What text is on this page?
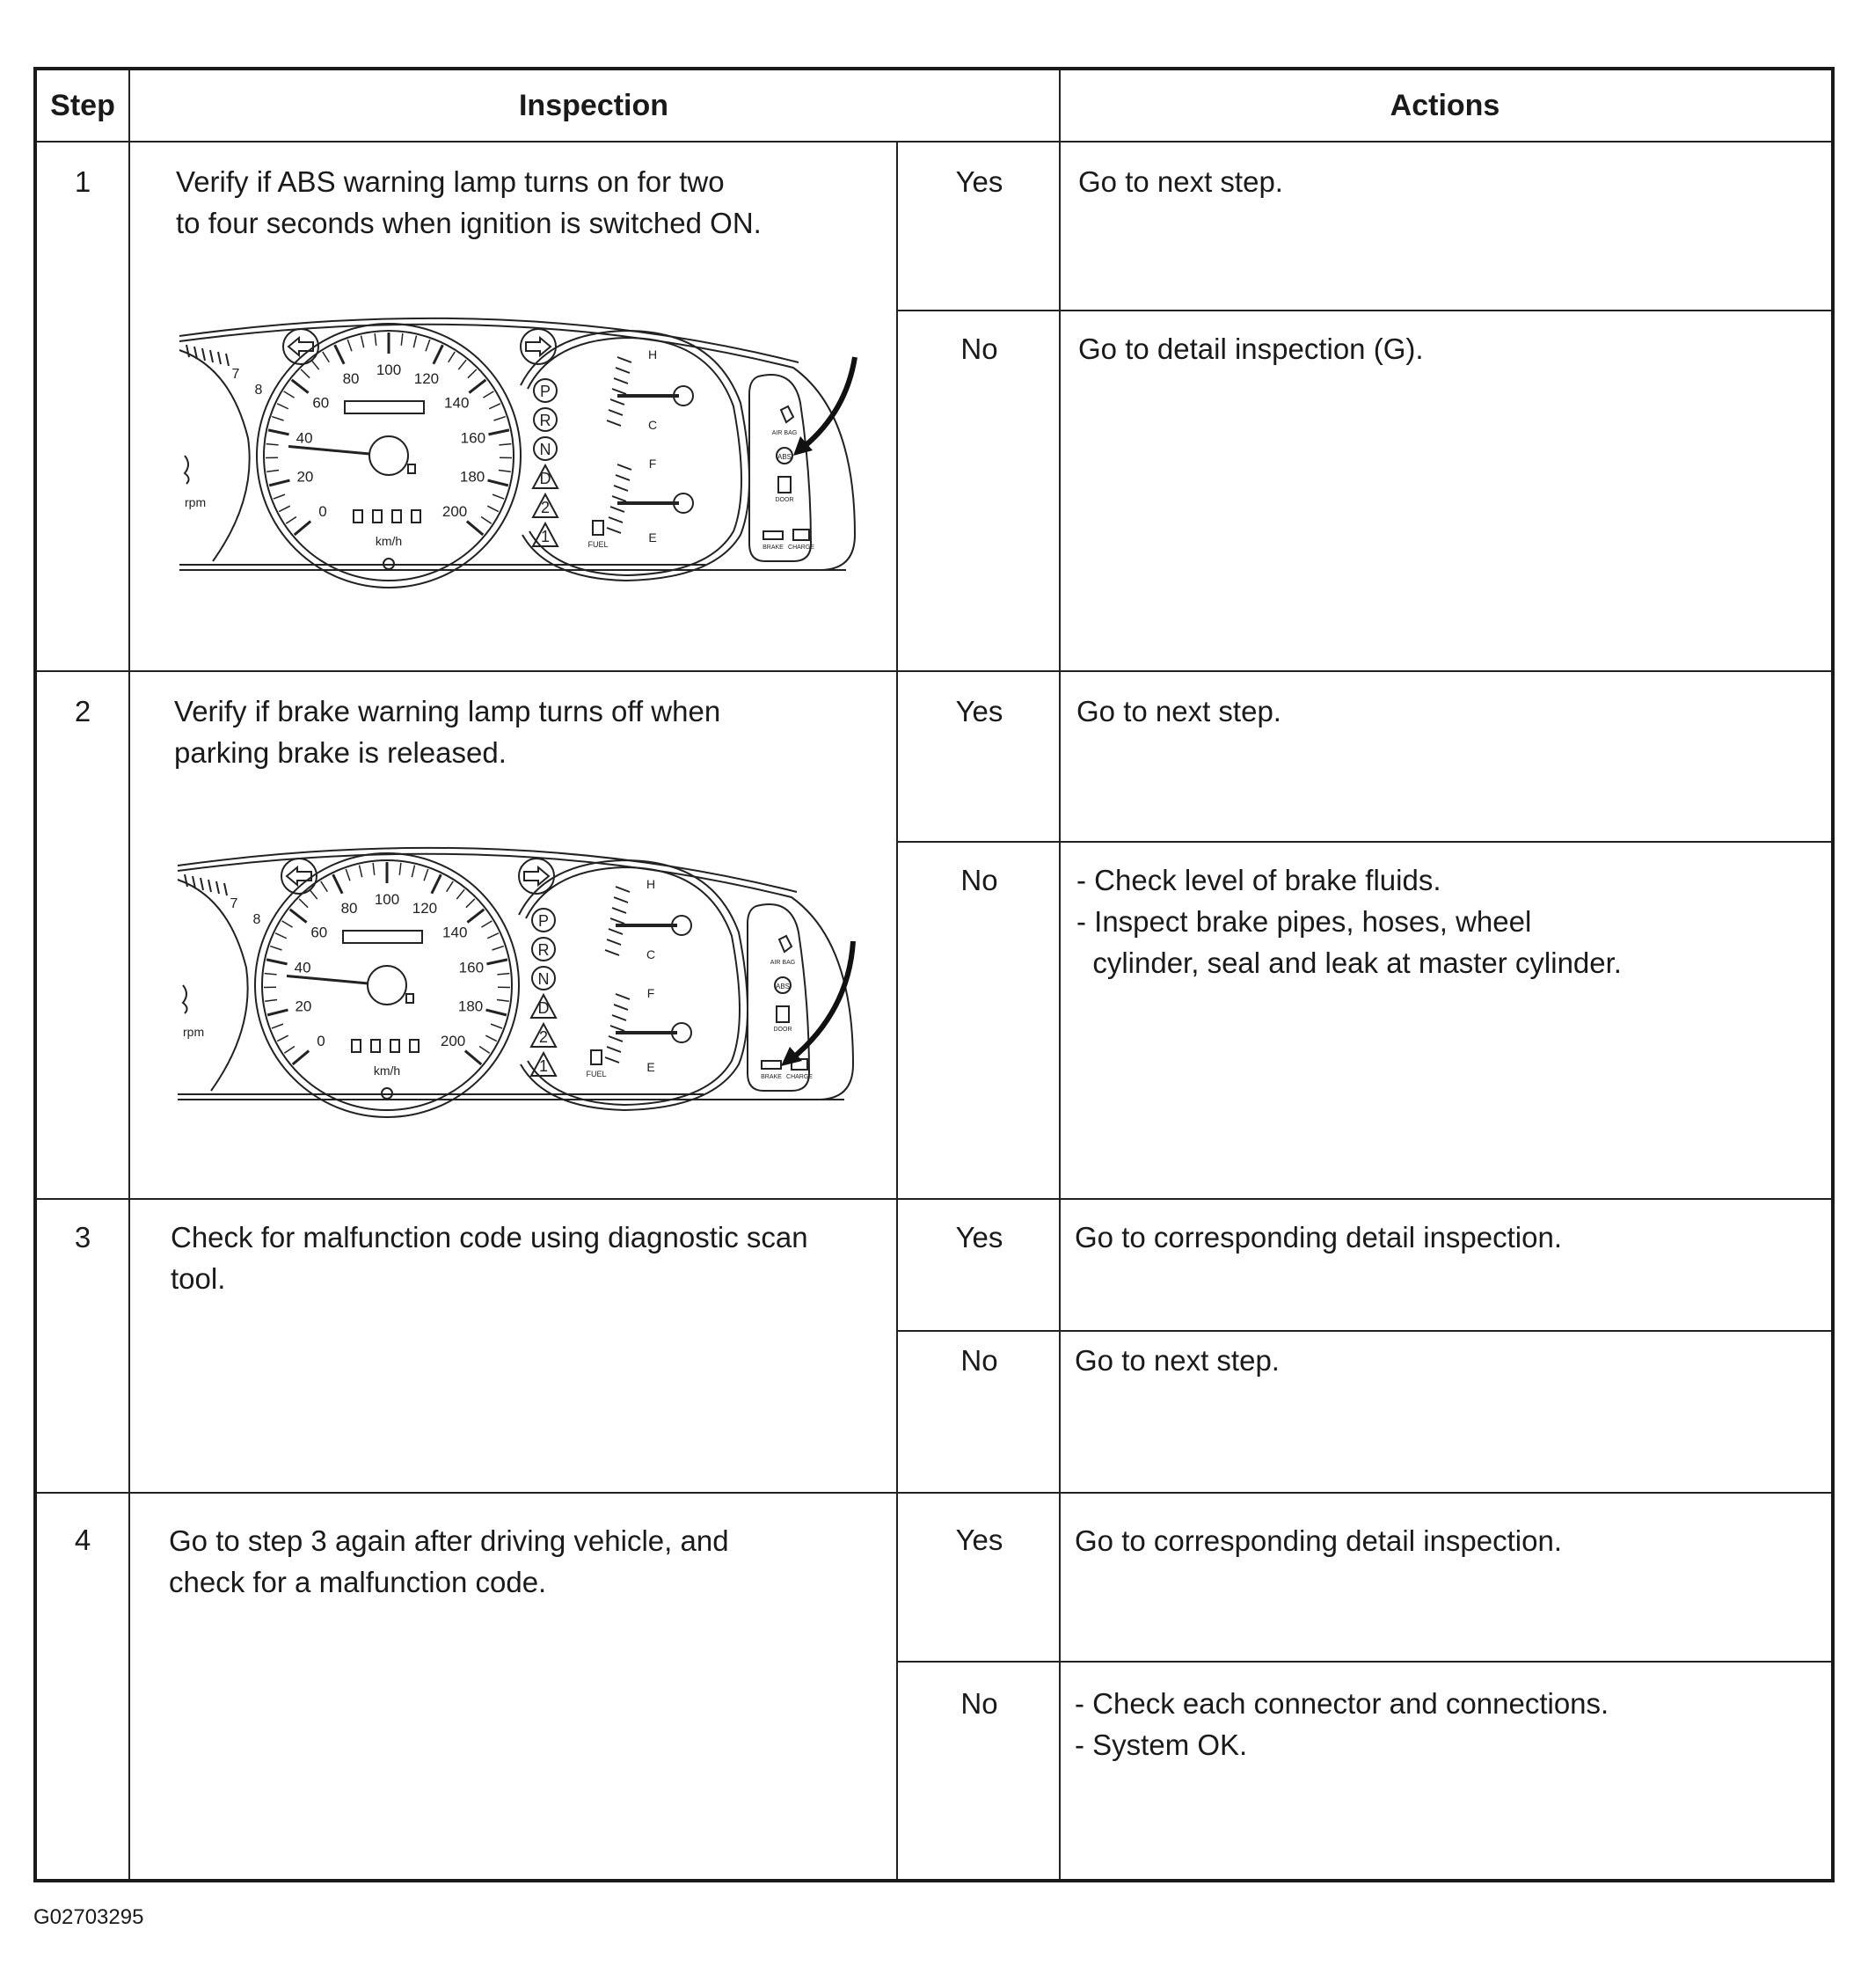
Step	Inspection	Actions
1	Verify if ABS warning lamp turns on for two
to four seconds when ignition is switched ON.
Yes	Go to next step.
No	Go to detail inspection (G).
2	Verify if brake warning lamp turns off when
parking brake is released.
Yes	Go to next step.
No	- Check level of brake fluids.
- Inspect brake pipes, hoses, wheel
cylinder, seal and leak at master cylinder.
3	Check for malfunction code using diagnostic scan
tool.
Yes	Go to corresponding detail inspection.
No	Go to next step.
4	Go to step 3 again after driving vehicle, and
check for a malfunction code.
Yes	Go to corresponding detail inspection.
No	- Check each connector and connections.
- System OK.
7
8
rpm
0
20
40
60
80
100
120
140
160
180
200
km/h
P
R
N
D
2
1
H
C
F
E
FUEL
AIR BAG
ABS
DOOR
BRAKE CHARGE
7
8
rpm
0
20
40
60
80
100
120
140
160
180
200
km/h
P
R
N
D
2
1
H
C
F
E
FUEL
AIR BAG
ABS
DOOR
BRAKE CHARGE
G02703295
